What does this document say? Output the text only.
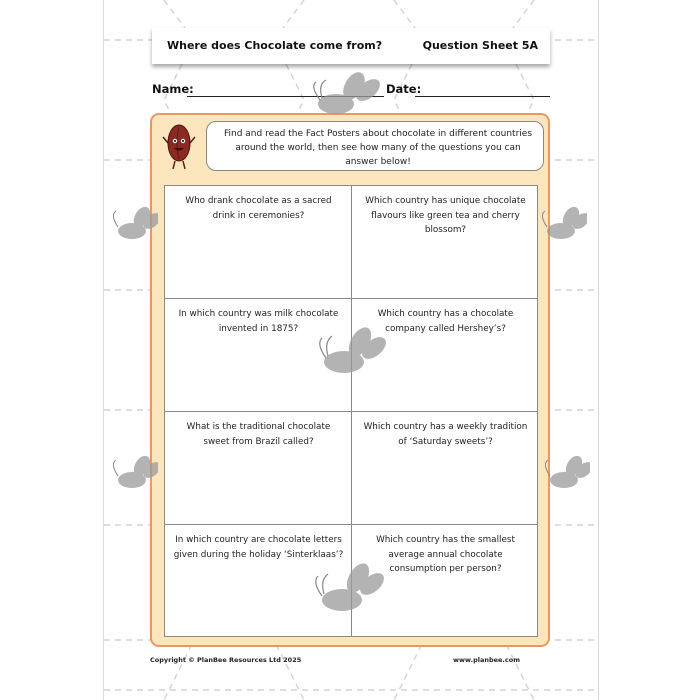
Where does Chocolate come from?	Question Sheet 5A
Name:	Date:
Find and read the Fact Posters about chocolate in different countries around the world, then see how many of the questions you can answer below!
Who drank chocolate as a sacred drink in ceremonies?
Which country has unique chocolate flavours like green tea and cherry blossom?
In which country was milk chocolate invented in 1875?
Which country has a chocolate company called Hershey’s?
What is the traditional chocolate sweet from Brazil called?
Which country has a weekly tradition of ‘Saturday sweets’?
In which country are chocolate letters given during the holiday ‘Sinterklaas’?
Which country has the smallest average annual chocolate consumption per person?
Copyright © PlanBee Resources Ltd 2025	www.planbee.com
